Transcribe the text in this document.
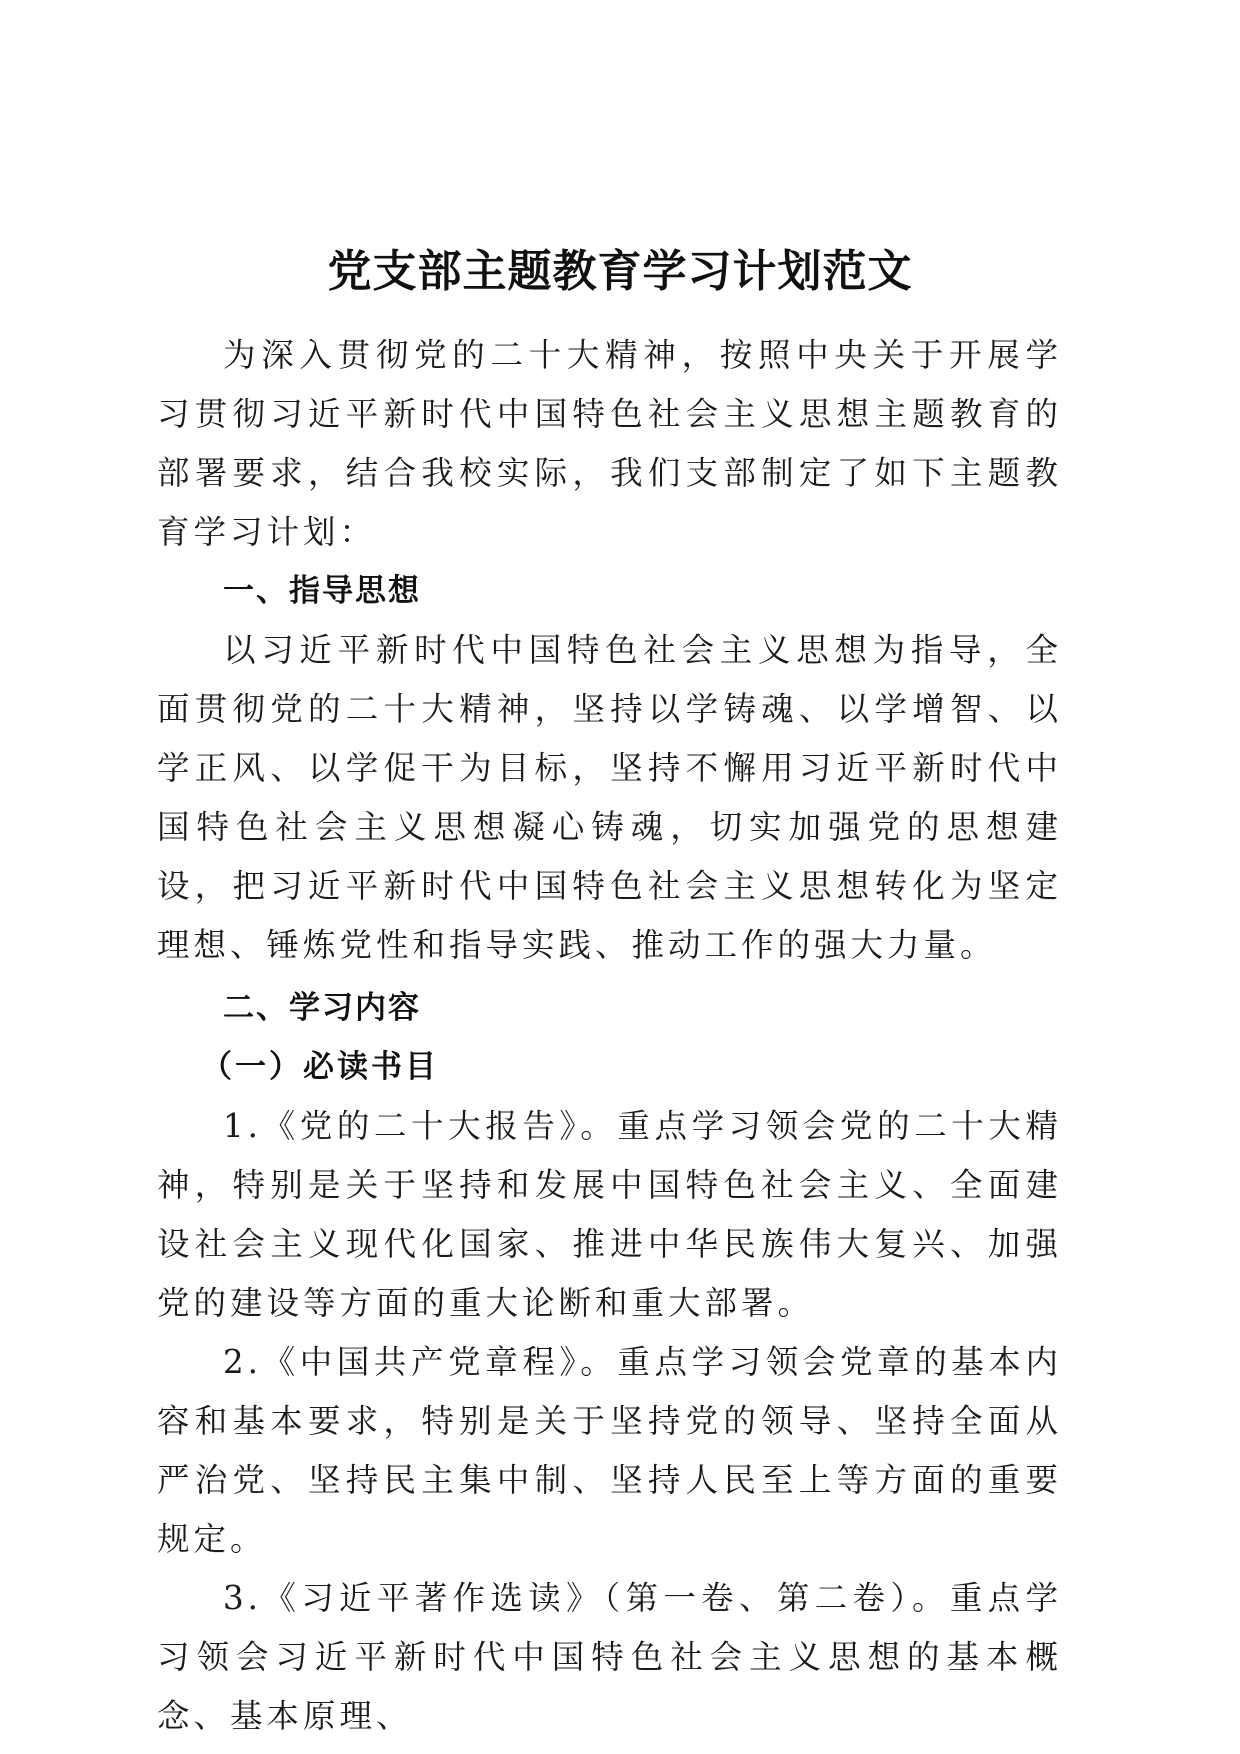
党支部主题教育学习计划范文

为深入贯彻党的二十大精神，按照中央关于开展学习贯彻习近平新时代中国特色社会主义思想主题教育的部署要求，结合我校实际，我们支部制定了如下主题教育学习计划：

一、指导思想

以习近平新时代中国特色社会主义思想为指导，全面贯彻党的二十大精神，坚持以学铸魂、以学增智、以学正风、以学促干为目标，坚持不懈用习近平新时代中国特色社会主义思想凝心铸魂，切实加强党的思想建设，把习近平新时代中国特色社会主义思想转化为坚定理想、锤炼党性和指导实践、推动工作的强大力量。

二、学习内容

（一）必读书目

1.《党的二十大报告》。重点学习领会党的二十大精神，特别是关于坚持和发展中国特色社会主义、全面建设社会主义现代化国家、推进中华民族伟大复兴、加强党的建设等方面的重大论断和重大部署。

2.《中国共产党章程》。重点学习领会党章的基本内容和基本要求，特别是关于坚持党的领导、坚持全面从严治党、坚持民主集中制、坚持人民至上等方面的重要规定。

3.《习近平著作选读》（第一卷、第二卷）。重点学习领会习近平新时代中国特色社会主义思想的基本概念、基本原理、
